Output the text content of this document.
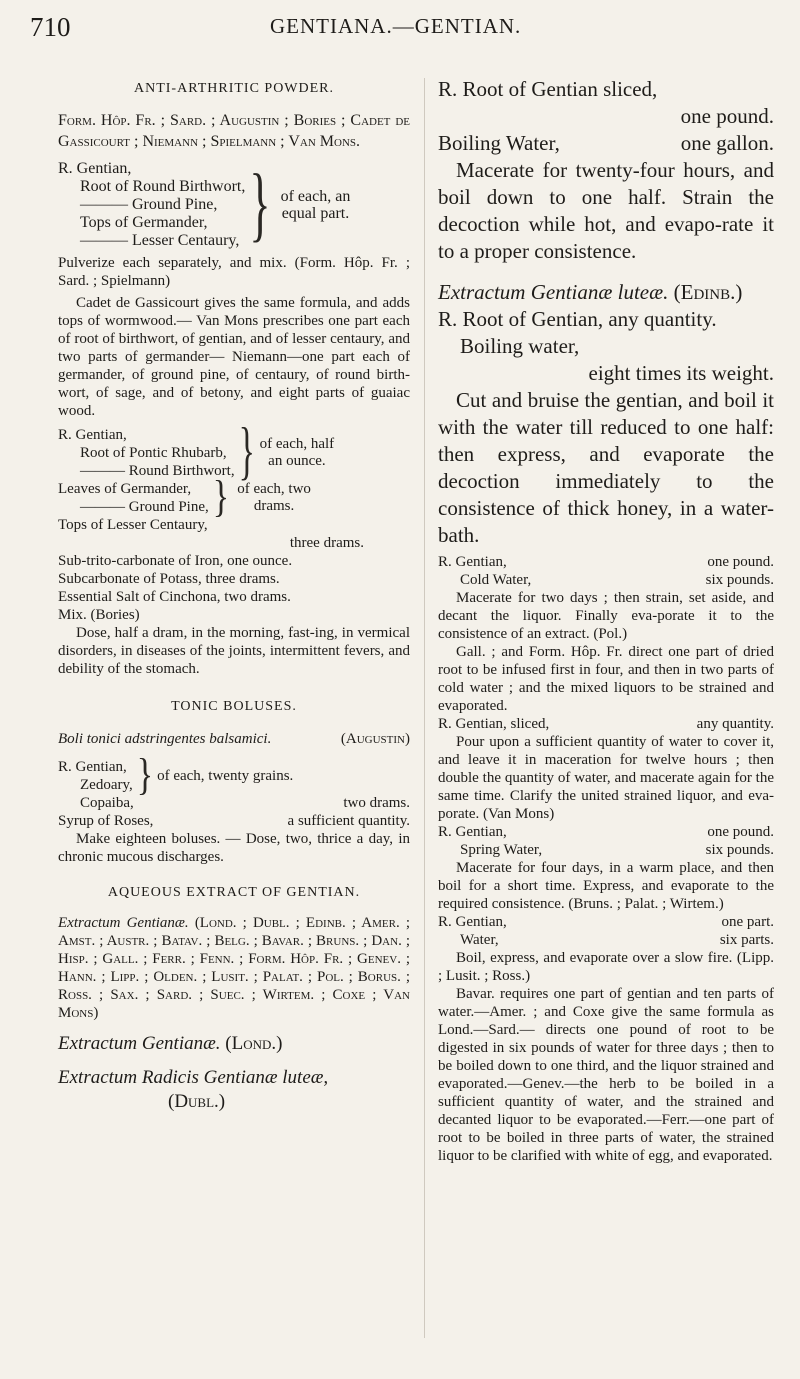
710	GENTIANA.—GENTIAN.
ANTI-ARTHRITIC POWDER.

Form. Hôp. Fr. ; Sard. ; Augustin ; Bories ; Cadet de Gassicourt ; Niemann ; Spielmann ; Van Mons.

R. Gentian,
Root of Round Birthwort,
——— Ground Pine,
Tops of Germander,
——— Lesser Centaury, } of each, an equal part.

Pulverize each separately, and mix. (Form. Hôp. Fr. ; Sard. ; Spielmann)

Cadet de Gassicourt gives the same formula, and adds tops of wormwood.— Van Mons prescribes one part each of root of birthwort, of gentian, and of lesser centaury, and two parts of germander— Niemann—one part each of germander, of ground pine, of centaury, of round birth-wort, of sage, and of betony, and eight parts of guaiac wood.

R. Gentian,
Root of Pontic Rhubarb,
——— Round Birthwort, } of each, half an ounce.
Leaves of Germander,
——— Ground Pine, } of each, two drams.
Tops of Lesser Centaury,
three drams.
Sub-trito-carbonate of Iron, one ounce.
Subcarbonate of Potass, three drams.
Essential Salt of Cinchona, two drams.
Mix. (Bories)

Dose, half a dram, in the morning, fast-ing, in vermical disorders, in diseases of the joints, intermittent fevers, and debility of the stomach.

TONIC BOLUSES.
Boli tonici adstringentes balsamici.	(Augustin)
R. Gentian,
Zedoary, } of each, twenty grains.
Copaiba,	two drams.
Syrup of Roses,	a sufficient quantity.

Make eighteen boluses. — Dose, two, thrice a day, in chronic mucous discharges.

AQUEOUS EXTRACT OF GENTIAN.

Extractum Gentianæ. (Lond. ; Dubl. ; Edinb. ; Amer. ; Amst. ; Austr. ; Batav. ; Belg. ; Bavar. ; Bruns. ; Dan. ; Hisp. ; Gall. ; Ferr. ; Fenn. ; Form. Hôp. Fr. ; Genev. ; Hann. ; Lipp. ; Olden. ; Lusit. ; Palat. ; Pol. ; Borus. ; Ross. ; Sax. ; Sard. ; Suec. ; Wirtem. ; Coxe ; Van Mons)

Extractum Gentianæ. (Lond.)
Extractum Radicis Gentianæ luteæ,
(Dubl.)
R. Root of Gentian sliced,
one pound.
Boiling Water,	one gallon.

Macerate for twenty-four hours, and boil down to one half. Strain the decoction while hot, and evapo-rate it to a proper consistence.

Extractum Gentianæ luteæ. (Edinb.)
R. Root of Gentian, any quantity.
Boiling water,
eight times its weight.

Cut and bruise the gentian, and boil it with the water till reduced to one half: then express, and evaporate the decoction immediately to the consistence of thick honey, in a water-bath.

R. Gentian,	one pound.
Cold Water,	six pounds.

Macerate for two days ; then strain, set aside, and decant the liquor. Finally eva-porate it to the consistence of an extract. (Pol.)

Gall. ; and Form. Hôp. Fr. direct one part of dried root to be infused first in four, and then in two parts of cold water ; and the mixed liquors to be strained and evaporated.

R. Gentian, sliced,	any quantity.

Pour upon a sufficient quantity of water to cover it, and leave it in maceration for twelve hours ; then double the quantity of water, and macerate again for the same time. Clarify the united strained liquor, and eva-porate. (Van Mons)

R. Gentian,	one pound.
Spring Water,	six pounds.

Macerate for four days, in a warm place, and then boil for a short time. Express, and evaporate to the required consistence. (Bruns. ; Palat. ; Wirtem.)

R. Gentian,	one part.
Water,	six parts.

Boil, express, and evaporate over a slow fire. (Lipp. ; Lusit. ; Ross.)

Bavar. requires one part of gentian and ten parts of water.—Amer. ; and Coxe give the same formula as Lond.—Sard.— directs one pound of root to be digested in six pounds of water for three days ; then to be boiled down to one third, and the liquor strained and evaporated.—Genev.—the herb to be boiled in a sufficient quantity of water, and the strained and decanted liquor to be evaporated.—Ferr.—one part of root to be boiled in three parts of water, the strained liquor to be clarified with white of egg, and evaporated.
